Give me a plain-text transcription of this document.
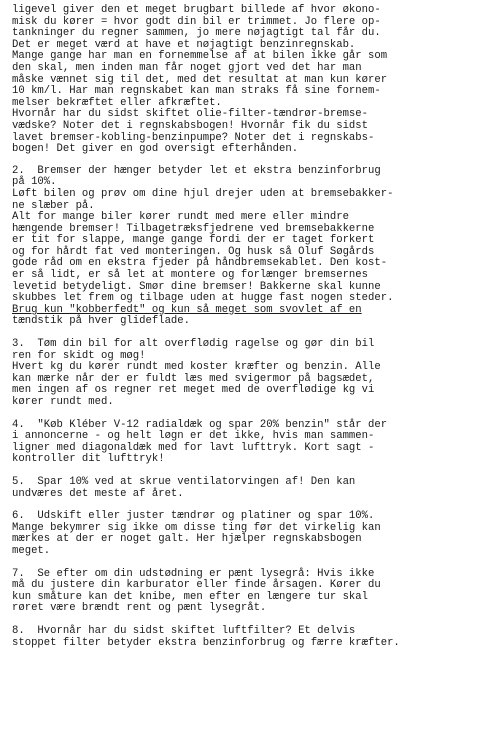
ligevel giver den et meget brugbart billede af hvor økono-
misk du kører = hvor godt din bil er trimmet. Jo flere op-
tankninger du regner sammen, jo mere nøjagtigt tal får du.
Det er meget værd at have et nøjagtigt benzinregnskab.
Mange gange har man en fornemmelse af at bilen ikke går som
den skal, men inden man får noget gjort ved det har man
måske vænnet sig til det, med det resultat at man kun kører
10 km/l. Har man regnskabet kan man straks få sine fornem-
melser bekræftet eller afkræftet.
Hvornår har du sidst skiftet olie-filter-tændrør-bremse-
vædske? Noter det i regnskabsbogen! Hvornår fik du sidst
lavet bremser-kobling-benzinpumpe? Noter det i regnskabs-
bogen! Det giver en god oversigt efterhånden.
2.  Bremser der hænger betyder let et ekstra benzinforbrug
på 10%.
Løft bilen og prøv om dine hjul drejer uden at bremsebakker-
ne slæber på.
Alt for mange biler kører rundt med mere eller mindre
hængende bremser! Tilbagetræksfjedrene ved bremsebakkerne
er tit for slappe, mange gange fordi der er taget forkert
og for hårdt fat ved monteringen. Og husk så Oluf Søgårds
gode råd om en ekstra fjeder på håndbremsekablet. Den kost-
er så lidt, er så let at montere og forlænger bremsernes
levetid betydeligt. Smør dine bremser! Bakkerne skal kunne
skubbes let frem og tilbage uden at hugge fast nogen steder.
Brug kun "kobberfedt" og kun så meget som svovlet af en
tændstik på hver glideflade.
3.  Tøm din bil for alt overflødig ragelse og gør din bil
ren for skidt og møg!
Hvert kg du kører rundt med koster kræfter og benzin. Alle
kan mærke når der er fuldt læs med svigermor på bagsædet,
men ingen af os regner ret meget med de overflødige kg vi
kører rundt med.
4.  "Køb Kléber V-12 radialdæk og spar 20% benzin" står der
i annoncerne - og helt løgn er det ikke, hvis man sammen-
ligner med diagonaldæk med for lavt lufttryk. Kort sagt -
kontroller dit lufttryk!
5.  Spar 10% ved at skrue ventilatorvingen af! Den kan
undværes det meste af året.
6.  Udskift eller juster tændrør og platiner og spar 10%.
Mange bekymrer sig ikke om disse ting før det virkelig kan
mærkes at der er noget galt. Her hjælper regnskabsbogen
meget.
7.  Se efter om din udstødning er pænt lysegrå: Hvis ikke
må du justere din karburator eller finde årsagen. Kører du
kun småture kan det knibe, men efter en længere tur skal
røret være brændt rent og pænt lysegråt.
8.  Hvornår har du sidst skiftet luftfilter? Et delvis
stoppet filter betyder ekstra benzinforbrug og færre kræfter.
